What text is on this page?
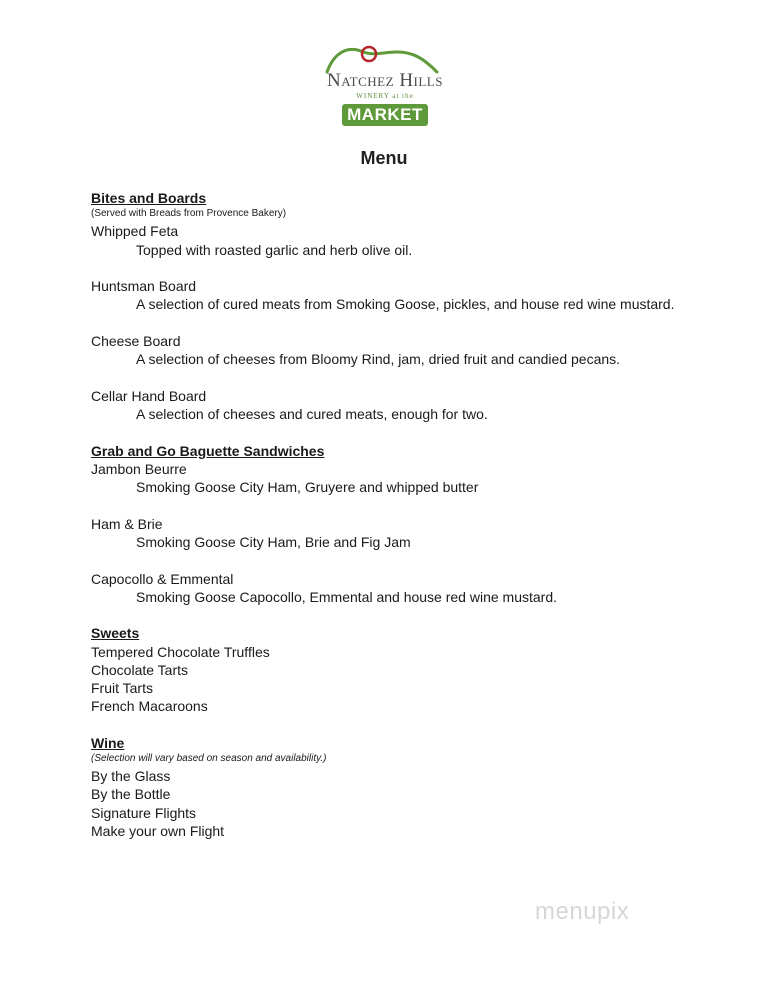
Natchez Hills
WINERY at the
MARKET
Menu
Bites and Boards
(Served with Breads from Provence Bakery)
Whipped Feta
Topped with roasted garlic and herb olive oil.
Huntsman Board
A selection of cured meats from Smoking Goose, pickles, and house red wine mustard.
Cheese Board
A selection of cheeses from Bloomy Rind, jam, dried fruit and candied pecans.
Cellar Hand Board
A selection of cheeses and cured meats, enough for two.
Grab and Go Baguette Sandwiches
Jambon Beurre
Smoking Goose City Ham, Gruyere and whipped butter
Ham & Brie
Smoking Goose City Ham, Brie and Fig Jam
Capocollo & Emmental
Smoking Goose Capocollo, Emmental and house red wine mustard.
Sweets
Tempered Chocolate Truffles
Chocolate Tarts
Fruit Tarts
French Macaroons
Wine
(Selection will vary based on season and availability.)
By the Glass
By the Bottle
Signature Flights
Make your own Flight
menupix
